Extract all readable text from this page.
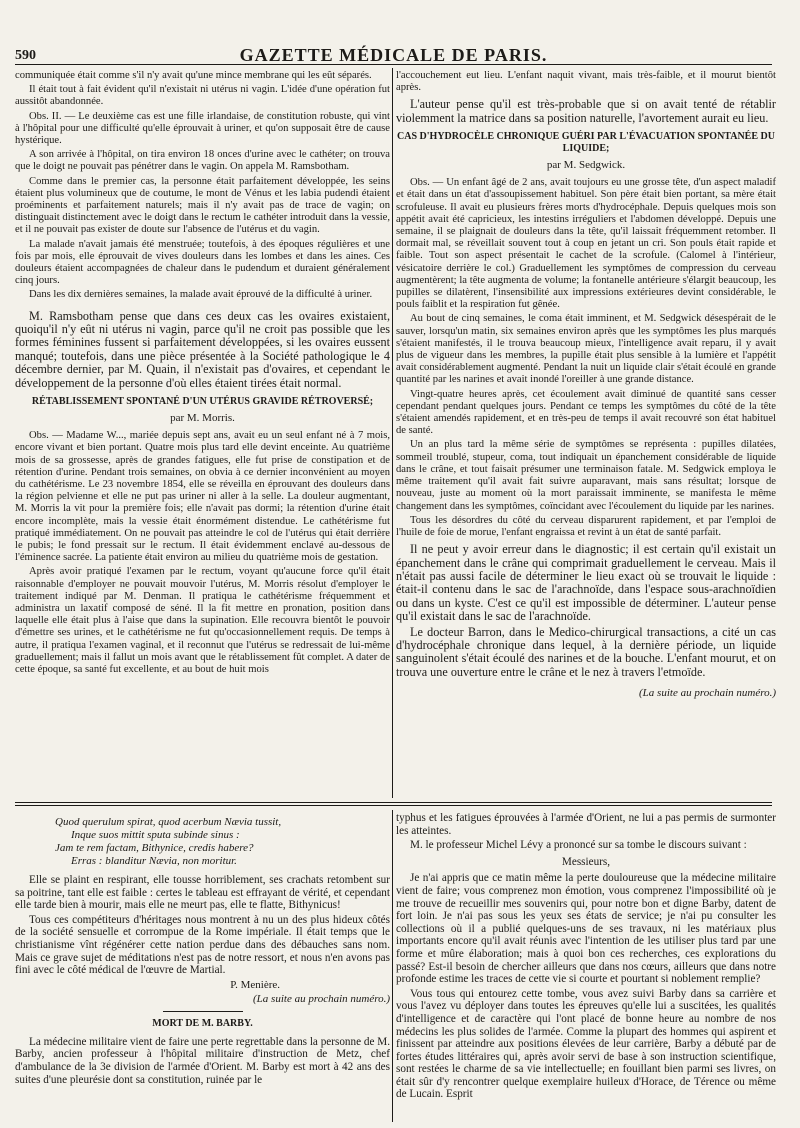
590	GAZETTE MÉDICALE DE PARIS.

communiquée était comme s'il n'y avait qu'une mince membrane qui les eût séparés.

Il était tout à fait évident qu'il n'existait ni utérus ni vagin. L'idée d'une opération fut aussitôt abandonnée.

Obs. II. — Le deuxième cas est une fille irlandaise, de constitution robuste, qui vint à l'hôpital pour une difficulté qu'elle éprouvait à uriner, et qu'on supposait être de cause hystérique.

A son arrivée à l'hôpital, on tira environ 18 onces d'urine avec le cathéter; on trouva que le doigt ne pouvait pas pénétrer dans le vagin. On appela M. Ramsbotham.

Comme dans le premier cas, la personne était parfaitement développée, les seins étaient plus volumineux que de coutume, le mont de Vénus et les labia pudendi étaient proéminents et parfaitement naturels; mais il n'y avait pas de trace de vagin; on distinguait distinctement avec le doigt dans le rectum le cathéter introduit dans la vessie, et il ne pouvait pas exister de doute sur l'absence de l'utérus et du vagin.

La malade n'avait jamais été menstruée; toutefois, à des époques régulières et une fois par mois, elle éprouvait de vives douleurs dans les lombes et dans les aines. Ces douleurs étaient accompagnées de chaleur dans le pudendum et duraient généralement cinq jours.

Dans les dix dernières semaines, la malade avait éprouvé de la difficulté à uriner.

M. Ramsbotham pense que dans ces deux cas les ovaires existaient, quoiqu'il n'y eût ni utérus ni vagin, parce qu'il ne croit pas possible que les formes féminines fussent si parfaitement développées, si les ovaires eussent manqué; toutefois, dans une pièce présentée à la Société pathologique le 4 décembre dernier, par M. Quain, il n'existait pas d'ovaires, et cependant le développement de la personne d'où elles étaient tirées était normal.

RÉTABLISSEMENT SPONTANÉ D'UN UTÉRUS GRAVIDE RÉTROVERSÉ;
par M. Morris.

Obs. — Madame W..., mariée depuis sept ans, avait eu un seul enfant né à 7 mois, encore vivant et bien portant. Quatre mois plus tard elle devint enceinte. Au quatrième mois de sa grossesse, après de grandes fatigues, elle fut prise de constipation et de rétention d'urine. Pendant trois semaines, on obvia à ce dernier inconvénient au moyen du cathétérisme. Le 23 novembre 1854, elle se réveilla en éprouvant des douleurs dans la région pelvienne et elle ne put pas uriner ni aller à la selle. La douleur augmentant, M. Morris la vit pour la première fois; elle n'avait pas dormi; la rétention d'urine était encore incomplète, mais la vessie était énormément distendue. Le cathétérisme fut pratiqué immédiatement. On ne pouvait pas atteindre le col de l'utérus qui était derrière le pubis; le fond pressait sur le rectum. Il était évidemment enclavé au-dessous de l'éminence sacrée. La patiente était environ au milieu du quatrième mois de gestation.

Après avoir pratiqué l'examen par le rectum, voyant qu'aucune force qu'il était raisonnable d'employer ne pouvait mouvoir l'utérus, M. Morris résolut d'employer le traitement indiqué par M. Denman. Il pratiqua le cathétérisme fréquemment et administra un laxatif composé de séné. Il la fit mettre en pronation, position dans laquelle elle était plus à l'aise que dans la supination. Elle recouvra bientôt le pouvoir d'émettre ses urines, et le cathétérisme ne fut qu'occasionnellement requis. De temps à autre, il pratiqua l'examen vaginal, et il reconnut que l'utérus se redressait de lui-même graduellement; mais il fallut un mois avant que le rétablissement fût complet. A dater de cette époque, sa santé fut excellente, et au bout de huit mois

l'accouchement eut lieu. L'enfant naquit vivant, mais très-faible, et il mourut bientôt après.

L'auteur pense qu'il est très-probable que si on avait tenté de rétablir violemment la matrice dans sa position naturelle, l'avortement aurait eu lieu.

CAS D'HYDROCÈLE CHRONIQUE GUÉRI PAR L'ÉVACUATION SPONTANÉE DU LIQUIDE;
par M. Sedgwick.

Obs. — Un enfant âgé de 2 ans, avait toujours eu une grosse tête, d'un aspect maladif et était dans un état d'assoupissement habituel. Son père était bien portant, sa mère était scrofuleuse. Il avait eu plusieurs frères morts d'hydrocéphale. Depuis quelques mois son appétit avait été capricieux, les intestins irréguliers et l'abdomen développé. Depuis une semaine, il se plaignait de douleurs dans la tête, qu'il laissait fréquemment retomber. Il dormait mal, se réveillait souvent tout à coup en jetant un cri. Son pouls était rapide et faible. Tout son aspect présentait le cachet de la scrofule. (Calomel à l'intérieur, vésicatoire derrière le col.) Graduellement les symptômes de compression du cerveau augmentèrent; la tête augmenta de volume; la fontanelle antérieure s'élargit beaucoup, les pupilles se dilatèrent, l'insensibilité aux impressions extérieures devint considérable, le pouls faiblit et la respiration fut gênée.

Au bout de cinq semaines, le coma était imminent, et M. Sedgwick désespérait de le sauver, lorsqu'un matin, six semaines environ après que les symptômes les plus marqués s'étaient manifestés, il le trouva beaucoup mieux, l'intelligence avait reparu, il y avait plus de vigueur dans les membres, la pupille était plus sensible à la lumière et l'appétit avait considérablement augmenté. Pendant la nuit un liquide clair s'était écoulé en grande quantité par les narines et avait inondé l'oreiller à une grande distance.

Vingt-quatre heures après, cet écoulement avait diminué de quantité sans cesser cependant pendant quelques jours. Pendant ce temps les symptômes du côté de la tête s'étaient amendés rapidement, et en très-peu de temps il avait recouvré son état habituel de santé.

Un an plus tard la même série de symptômes se représenta : pupilles dilatées, sommeil troublé, stupeur, coma, tout indiquait un épanchement considérable de liquide dans le crâne, et tout faisait présumer une terminaison fatale. M. Sedgwick employa le même traitement qu'il avait fait suivre auparavant, mais sans résultat; lorsque de nouveau, juste au moment où la mort paraissait imminente, se manifesta le même changement dans les symptômes, coïncidant avec l'écoulement du liquide par les narines.

Tous les désordres du côté du cerveau disparurent rapidement, et par l'emploi de l'huile de foie de morue, l'enfant engraissa et revint à un état de santé parfait.

Il ne peut y avoir erreur dans le diagnostic; il est certain qu'il existait un épanchement dans le crâne qui comprimait graduellement le cerveau. Mais il n'était pas aussi facile de déterminer le lieu exact où se trouvait le liquide : était-il contenu dans le sac de l'arachnoïde, dans l'espace sous-arachnoïdien ou dans un kyste. C'est ce qu'il est impossible de déterminer. L'auteur pense qu'il existait dans le sac de l'arachnoïde.

Le docteur Barron, dans le Medico-chirurgical transactions, a cité un cas d'hydrocéphale chronique dans lequel, à la dernière période, un liquide sanguinolent s'était écoulé des narines et de la bouche. L'enfant mourut, et on trouva une ouverture entre le crâne et le nez à travers l'etmoïde.

(La suite au prochain numéro.)

Quod querulum spirat, quod acerbum Nævia tussit,
Inque suos mittit sputa subinde sinus :
Jam te rem factam, Bithynice, credis habere?
Erras : blanditur Nævia, non moritur.

Elle se plaint en respirant, elle tousse horriblement, ses crachats retombent sur sa poitrine, tant elle est faible : certes le tableau est effrayant de vérité, et cependant elle tarde bien à mourir, mais elle ne meurt pas, elle te flatte, Bithynicus!

Tous ces compétiteurs d'héritages nous montrent à nu un des plus hideux côtés de la société sensuelle et corrompue de la Rome impériale. Il était temps que le christianisme vînt régénérer cette nation perdue dans des débauches sans nom. Mais ce grave sujet de méditations n'est pas de notre ressort, et nous n'en avons pas fini avec le côté médical de l'œuvre de Martial.

P. Menière.

(La suite au prochain numéro.)

MORT DE M. BARBY.

La médecine militaire vient de faire une perte regrettable dans la personne de M. Barby, ancien professeur à l'hôpital militaire d'instruction de Metz, chef d'ambulance de la 3e division de l'armée d'Orient. M. Barby est mort à 42 ans des suites d'une pleurésie dont sa constitution, ruinée par le

typhus et les fatigues éprouvées à l'armée d'Orient, ne lui a pas permis de surmonter les atteintes.

M. le professeur Michel Lévy a prononcé sur sa tombe le discours suivant :

Messieurs,

Je n'ai appris que ce matin même la perte douloureuse que la médecine militaire vient de faire; vous comprenez mon émotion, vous comprenez l'impossibilité où je me trouve de recueillir mes souvenirs qui, pour notre bon et digne Barby, datent de fort loin. Je n'ai pas sous les yeux ses états de service; je n'ai pu consulter les collections où il a publié quelques-uns de ses travaux, ni les matériaux plus importants encore qu'il avait réunis avec l'intention de les utiliser plus tard par une forme et mûre élaboration; mais à quoi bon ces recherches, ces explorations du passé? Est-il besoin de chercher ailleurs que dans nos cœurs, ailleurs que dans notre profonde estime les traces de cette vie si courte et pourtant si noblement remplie?

Vous tous qui entourez cette tombe, vous avez suivi Barby dans sa carrière et vous l'avez vu déployer dans toutes les épreuves qu'elle lui a suscitées, les qualités d'intelligence et de caractère qui l'ont placé de bonne heure au nombre de nos médecins les plus solides de l'armée. Comme la plupart des hommes qui aspirent et finissent par atteindre aux positions élevées de leur carrière, Barby a débuté par de fortes études littéraires qui, après avoir servi de base à son instruction scientifique, sont restées le charme de sa vie intellectuelle; en fouillant bien parmi ses livres, on était sûr d'y rencontrer quelque exemplaire huileux d'Horace, de Térence ou même de Lucain. Esprit
